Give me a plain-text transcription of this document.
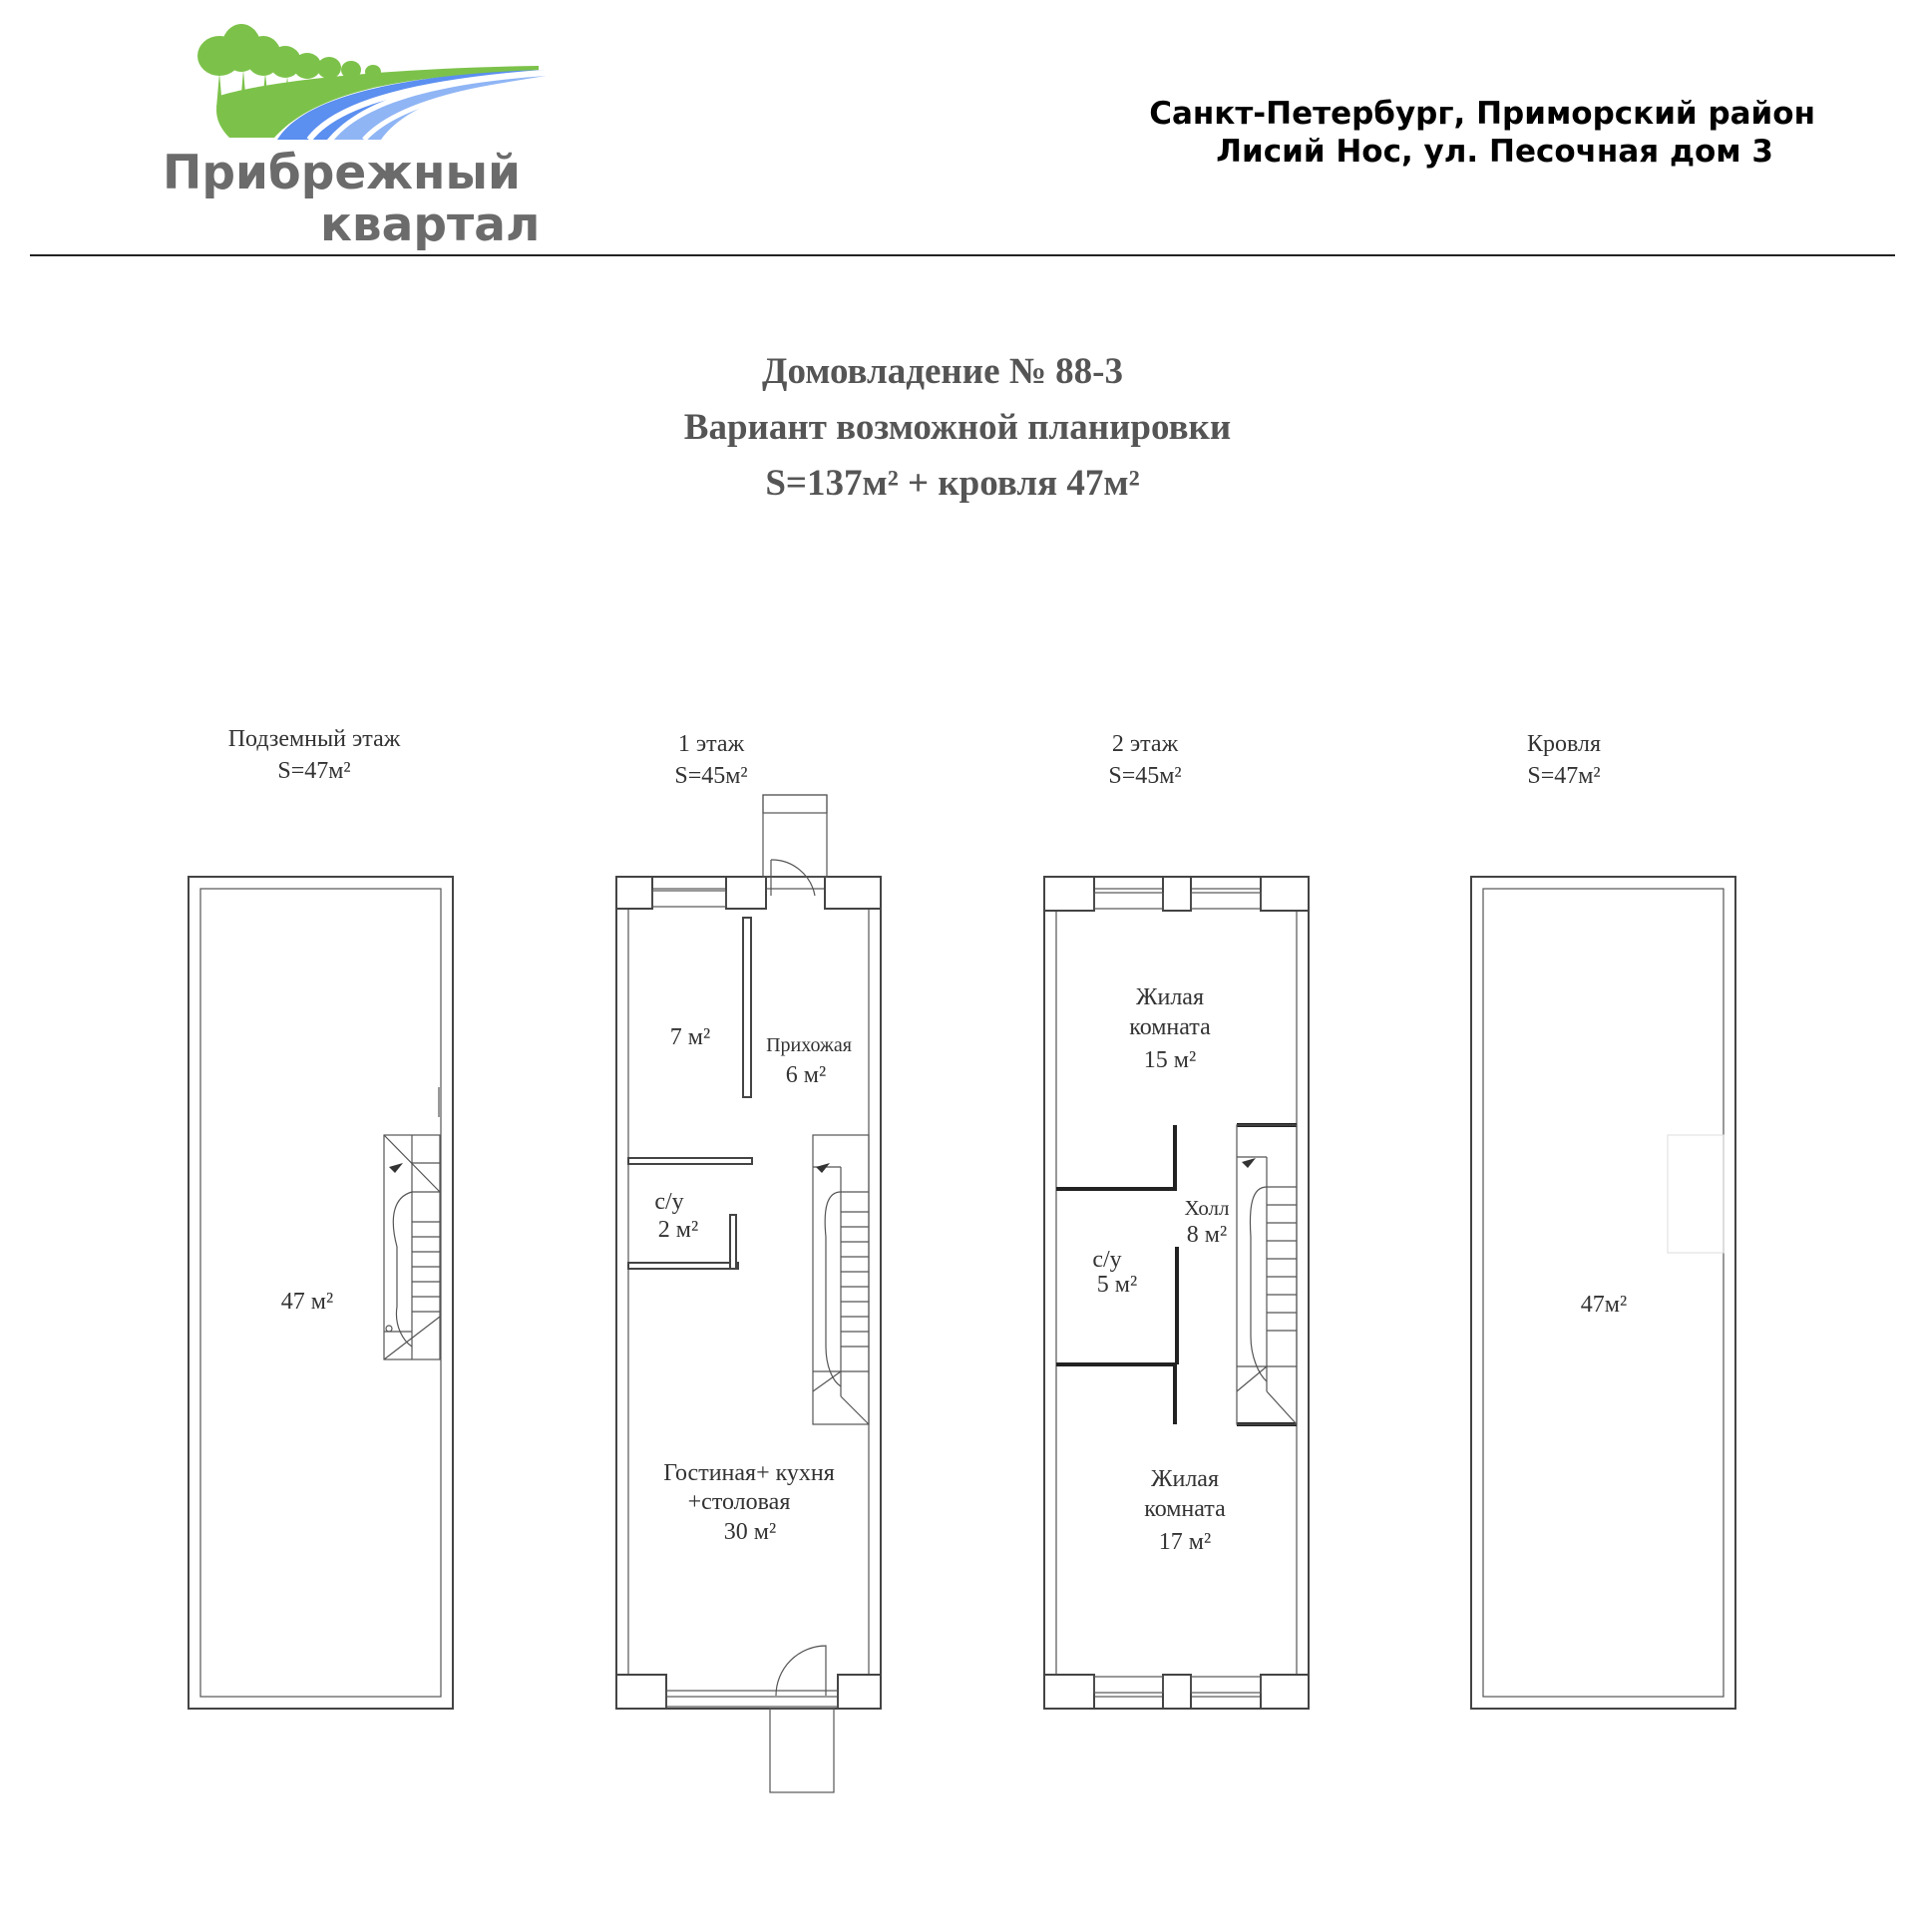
Прибрежный
квартал
Санкт-Петербург, Приморский район
Лисий Нос, ул. Песочная дом 3
Домовладение № 88-3
Вариант возможной планировки
S=137м² + кровля 47м²
Подземный этаж
S=47м²
1 этаж
S=45м²
2 этаж
S=45м²
Кровля
S=47м²
47 м²
7 м²	Прихожая
6 м²
с/у
2 м²
Гостиная+ кухня
+столовая
30 м²
Жилая
комната
15 м²
Холл
8 м²
с/у
5 м²
Жилая
комната
17 м²
47м²
